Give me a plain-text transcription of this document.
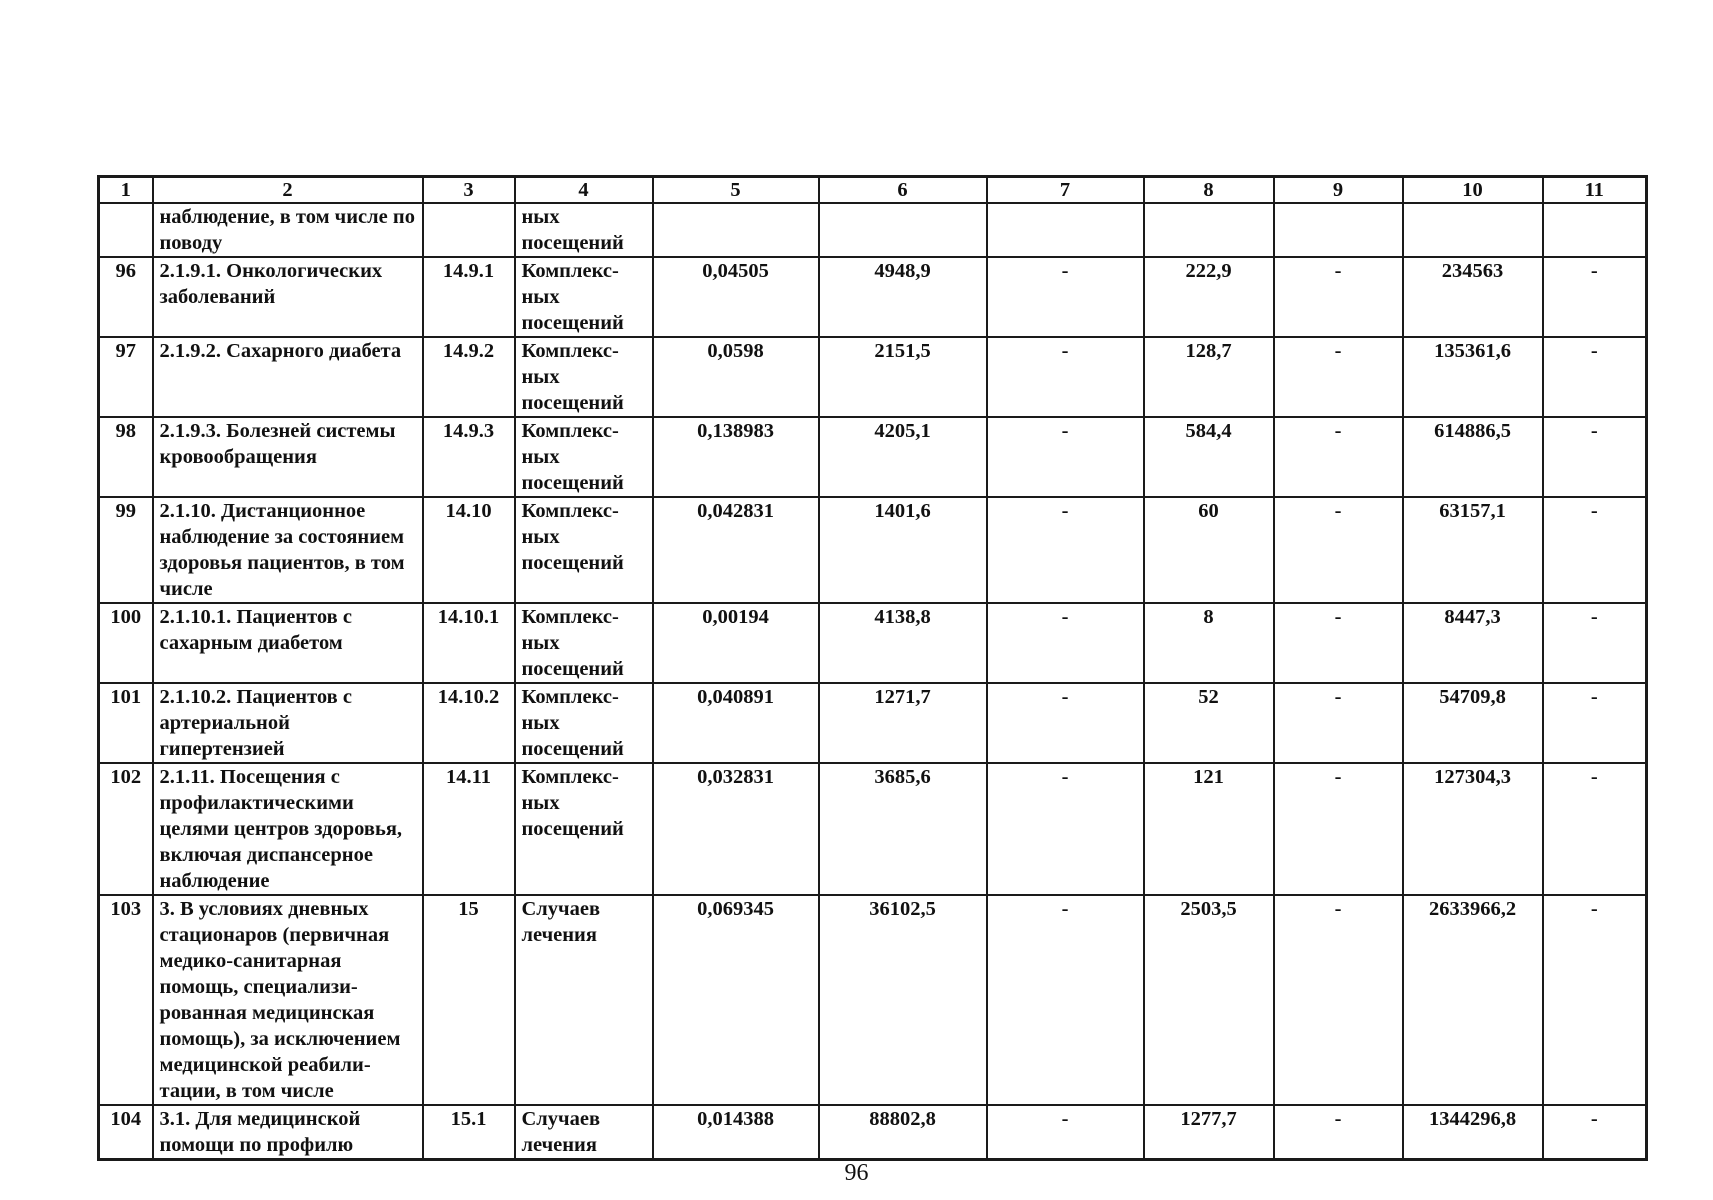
1	2	3	4	5	6	7	8	9	10	11
	наблюдение, в том числе по поводу		ных посещений							
96	2.1.9.1. Онкологических заболеваний	14.9.1	Комплекс-ных посещений	0,04505	4948,9	-	222,9	-	234563	-
97	2.1.9.2. Сахарного диабета	14.9.2	Комплекс-ных посещений	0,0598	2151,5	-	128,7	-	135361,6	-
98	2.1.9.3. Болезней системы кровообращения	14.9.3	Комплекс-ных посещений	0,138983	4205,1	-	584,4	-	614886,5	-
99	2.1.10. Дистанционное наблюдение за состоянием здоровья пациентов, в том числе	14.10	Комплекс-ных посещений	0,042831	1401,6	-	60	-	63157,1	-
100	2.1.10.1. Пациентов с сахарным диабетом	14.10.1	Комплекс-ных посещений	0,00194	4138,8	-	8	-	8447,3	-
101	2.1.10.2. Пациентов с артериальной гипертензией	14.10.2	Комплекс-ных посещений	0,040891	1271,7	-	52	-	54709,8	-
102	2.1.11. Посещения с профилактическими целями центров здоровья, включая диспансерное наблюдение	14.11	Комплекс-ных посещений	0,032831	3685,6	-	121	-	127304,3	-
103	3. В условиях дневных стационаров (первичная медико-санитарная помощь, специализи-рованная медицинская помощь), за исключением медицинской реабили-тации, в том числе	15	Случаев лечения	0,069345	36102,5	-	2503,5	-	2633966,2	-
104	3.1. Для медицинской помощи по профилю	15.1	Случаев лечения	0,014388	88802,8	-	1277,7	-	1344296,8	-
96
